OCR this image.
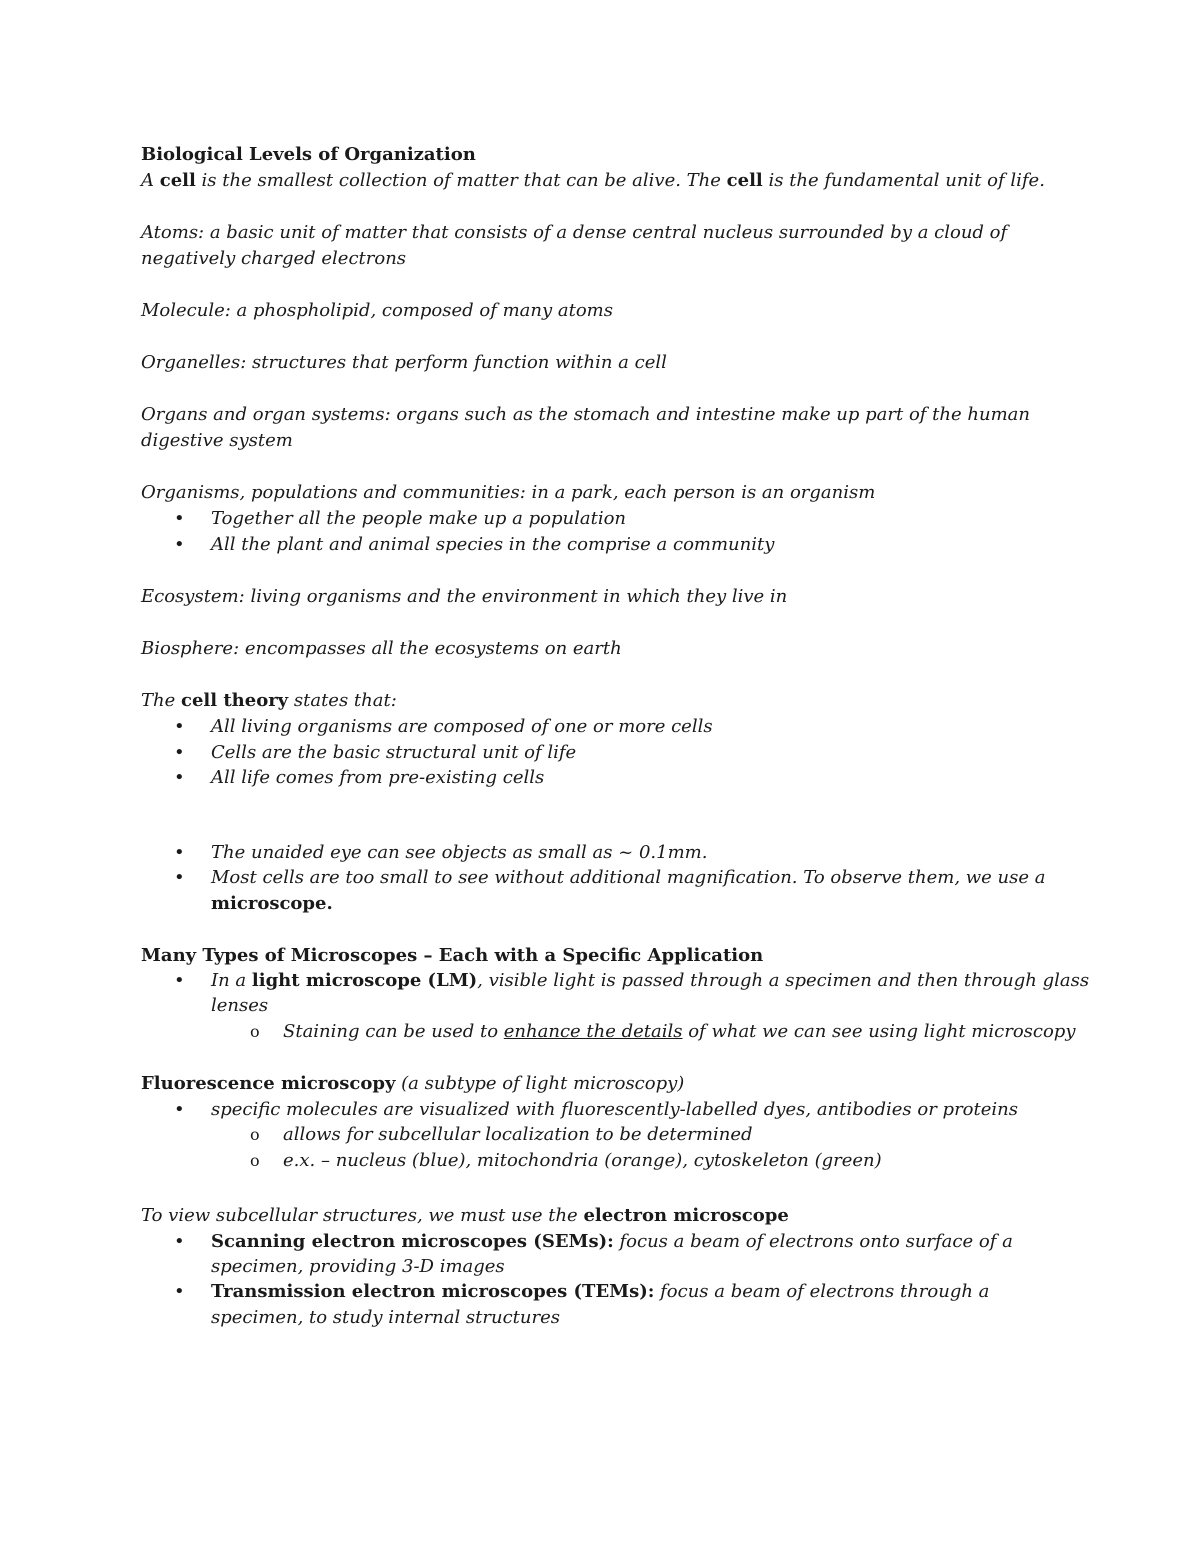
Biological Levels of Organization
A cell is the smallest collection of matter that can be alive. The cell is the fundamental unit of life.
Atoms: a basic unit of matter that consists of a dense central nucleus surrounded by a cloud of
negatively charged electrons
Molecule: a phospholipid, composed of many atoms
Organelles: structures that perform function within a cell
Organs and organ systems: organs such as the stomach and intestine make up part of the human
digestive system
Organisms, populations and communities: in a park, each person is an organism
• Together all the people make up a population
• All the plant and animal species in the comprise a community
Ecosystem: living organisms and the environment in which they live in
Biosphere: encompasses all the ecosystems on earth
The cell theory states that:
• All living organisms are composed of one or more cells
• Cells are the basic structural unit of life
• All life comes from pre-existing cells
• The unaided eye can see objects as small as ~ 0.1mm.
• Most cells are too small to see without additional magnification. To observe them, we use a
microscope.
Many Types of Microscopes – Each with a Specific Application
• In a light microscope (LM), visible light is passed through a specimen and then through glass
lenses
o Staining can be used to enhance the details of what we can see using light microscopy
Fluorescence microscopy (a subtype of light microscopy)
• specific molecules are visualized with fluorescently-labelled dyes, antibodies or proteins
o allows for subcellular localization to be determined
o e.x. – nucleus (blue), mitochondria (orange), cytoskeleton (green)
To view subcellular structures, we must use the electron microscope
• Scanning electron microscopes (SEMs): focus a beam of electrons onto surface of a
specimen, providing 3-D images
• Transmission electron microscopes (TEMs): focus a beam of electrons through a
specimen, to study internal structures
